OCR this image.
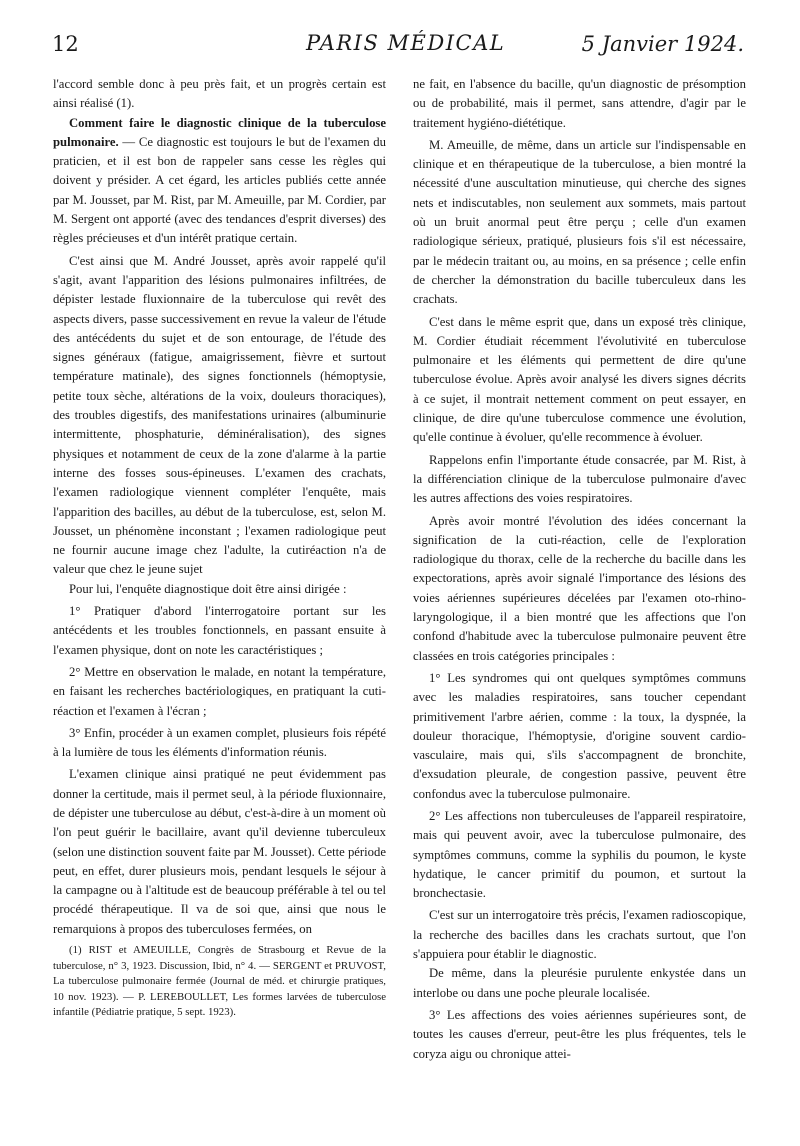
12	PARIS MÉDICAL	5 Janvier 1924.

l'accord semble donc à peu près fait, et un progrès certain est ainsi réalisé (1).

Comment faire le diagnostic clinique de la tuberculose pulmonaire. — Ce diagnostic est toujours le but de l'examen du praticien, et il est bon de rappeler sans cesse les règles qui doivent y présider. A cet égard, les articles publiés cette année par M. Jousset, par M. Rist, par M. Ameuille, par M. Cordier, par M. Sergent ont apporté (avec des tendances d'esprit diverses) des règles précieuses et d'un intérêt pratique certain.

C'est ainsi que M. André Jousset, après avoir rappelé qu'il s'agit, avant l'apparition des lésions pulmonaires infiltrées, de dépister lestade fluxionnaire de la tuberculose qui revêt des aspects divers, passe successivement en revue la valeur de l'étude des antécédents du sujet et de son entourage, de l'étude des signes généraux (fatigue, amaigrissement, fièvre et surtout température matinale), des signes fonctionnels (hémoptysie, petite toux sèche, altérations de la voix, douleurs thoraciques), des troubles digestifs, des manifestations urinaires (albuminurie intermittente, phosphaturie, déminéralisation), des signes physiques et notamment de ceux de la zone d'alarme à la partie interne des fosses sous-épineuses. L'examen des crachats, l'examen radiologique viennent compléter l'enquête, mais l'apparition des bacilles, au début de la tuberculose, est, selon M. Jousset, un phénomène inconstant ; l'examen radiologique peut ne fournir aucune image chez l'adulte, la cutiréaction n'a de valeur que chez le jeune sujet

Pour lui, l'enquête diagnostique doit être ainsi dirigée :

1° Pratiquer d'abord l'interrogatoire portant sur les antécédents et les troubles fonctionnels, en passant ensuite à l'examen physique, dont on note les caractéristiques ;

2° Mettre en observation le malade, en notant la température, en faisant les recherches bactériologiques, en pratiquant la cuti-réaction et l'examen à l'écran ;

3° Enfin, procéder à un examen complet, plusieurs fois répété à la lumière de tous les éléments d'information réunis.

L'examen clinique ainsi pratiqué ne peut évidemment pas donner la certitude, mais il permet seul, à la période fluxionnaire, de dépister une tuberculose au début, c'est-à-dire à un moment où l'on peut guérir le bacillaire, avant qu'il devienne tuberculeux (selon une distinction souvent faite par M. Jousset). Cette période peut, en effet, durer plusieurs mois, pendant lesquels le séjour à la campagne ou à l'altitude est de beaucoup préférable à tel ou tel procédé thérapeutique. Il va de soi que, ainsi que nous le remarquions à propos des tuberculoses fermées, on

(1) RIST et AMEUILLE, Congrès de Strasbourg et Revue de la tuberculose, n° 3, 1923. Discussion, Ibid, n° 4. — SERGENT et PRUVOST, La tuberculose pulmonaire fermée (Journal de méd. et chirurgie pratiques, 10 nov. 1923). — P. LEREBOULLET, Les formes larvées de tuberculose infantile (Pédiatrie pratique, 5 sept. 1923).

ne fait, en l'absence du bacille, qu'un diagnostic de présomption ou de probabilité, mais il permet, sans attendre, d'agir par le traitement hygiéno-diététique.

M. Ameuille, de même, dans un article sur l'indispensable en clinique et en thérapeutique de la tuberculose, a bien montré la nécessité d'une auscultation minutieuse, qui cherche des signes nets et indiscutables, non seulement aux sommets, mais partout où un bruit anormal peut être perçu ; celle d'un examen radiologique sérieux, pratiqué, plusieurs fois s'il est nécessaire, par le médecin traitant ou, au moins, en sa présence ; celle enfin de chercher la démonstration du bacille tuberculeux dans les crachats.

C'est dans le même esprit que, dans un exposé très clinique, M. Cordier étudiait récemment l'évolutivité en tuberculose pulmonaire et les éléments qui permettent de dire qu'une tuberculose évolue. Après avoir analysé les divers signes décrits à ce sujet, il montrait nettement comment on peut essayer, en clinique, de dire qu'une tuberculose commence une évolution, qu'elle continue à évoluer, qu'elle recommence à évoluer.

Rappelons enfin l'importante étude consacrée, par M. Rist, à la différenciation clinique de la tuberculose pulmonaire d'avec les autres affections des voies respiratoires.

Après avoir montré l'évolution des idées concernant la signification de la cuti-réaction, celle de l'exploration radiologique du thorax, celle de la recherche du bacille dans les expectorations, après avoir signalé l'importance des lésions des voies aériennes supérieures décelées par l'examen oto-rhino-laryngologique, il a bien montré que les affections que l'on confond d'habitude avec la tuberculose pulmonaire peuvent être classées en trois catégories principales :

1° Les syndromes qui ont quelques symptômes communs avec les maladies respiratoires, sans toucher cependant primitivement l'arbre aérien, comme : la toux, la dyspnée, la douleur thoracique, l'hémoptysie, d'origine souvent cardio-vasculaire, mais qui, s'ils s'accompagnent de bronchite, d'exsudation pleurale, de congestion passive, peuvent être confondus avec la tuberculose pulmonaire.

2° Les affections non tuberculeuses de l'appareil respiratoire, mais qui peuvent avoir, avec la tuberculose pulmonaire, des symptômes communs, comme la syphilis du poumon, le kyste hydatique, le cancer primitif du poumon, et surtout la bronchectasie.

C'est sur un interrogatoire très précis, l'examen radioscopique, la recherche des bacilles dans les crachats surtout, que l'on s'appuiera pour établir le diagnostic.

De même, dans la pleurésie purulente enkystée dans un interlobe ou dans une poche pleurale localisée.

3° Les affections des voies aériennes supérieures sont, de toutes les causes d'erreur, peut-être les plus fréquentes, tels le coryza aigu ou chronique attei-
